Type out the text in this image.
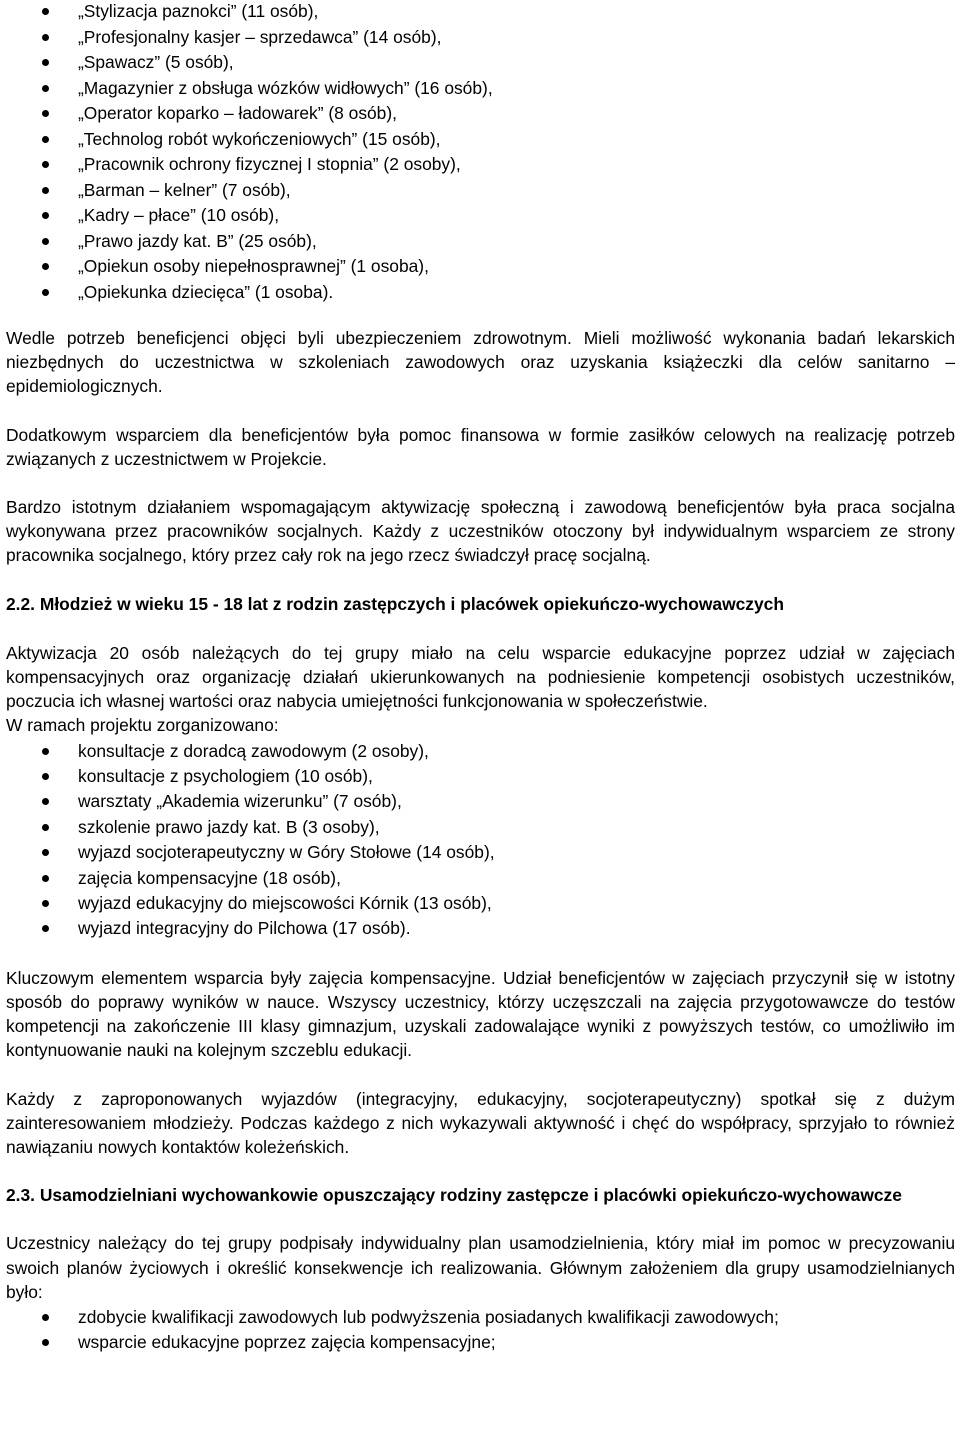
„Stylizacja paznokci” (11 osób),
„Profesjonalny kasjer – sprzedawca” (14 osób),
„Spawacz” (5 osób),
„Magazynier z obsługa wózków widłowych” (16 osób),
„Operator koparko – ładowarek” (8 osób),
„Technolog robót wykończeniowych” (15 osób),
„Pracownik ochrony fizycznej I stopnia” (2 osoby),
„Barman – kelner” (7 osób),
„Kadry – płace” (10 osób),
„Prawo jazdy kat. B” (25 osób),
„Opiekun osoby niepełnosprawnej” (1 osoba),
„Opiekunka dziecięca” (1 osoba).

Wedle potrzeb beneficjenci objęci byli ubezpieczeniem zdrowotnym. Mieli możliwość wykonania badań lekarskich niezbędnych do uczestnictwa w szkoleniach zawodowych oraz uzyskania książeczki dla celów sanitarno – epidemiologicznych.

Dodatkowym wsparciem dla beneficjentów była pomoc finansowa w formie zasiłków celowych na realizację potrzeb związanych z uczestnictwem w Projekcie.

Bardzo istotnym działaniem wspomagającym aktywizację społeczną i zawodową beneficjentów była praca socjalna wykonywana przez pracowników socjalnych. Każdy z uczestników otoczony był indywidualnym wsparciem ze strony pracownika socjalnego, który przez cały rok na jego rzecz świadczył pracę socjalną.

2.2. Młodzież w wieku 15 - 18 lat z rodzin zastępczych i placówek opiekuńczo-wychowawczych

Aktywizacja 20 osób należących do tej grupy miało na celu wsparcie edukacyjne poprzez udział w zajęciach kompensacyjnych oraz organizację działań ukierunkowanych na podniesienie kompetencji osobistych uczestników, poczucia ich własnej wartości oraz nabycia umiejętności funkcjonowania w społeczeństwie.

W ramach projektu zorganizowano:

konsultacje z doradcą zawodowym (2 osoby),
konsultacje z psychologiem (10 osób),
warsztaty „Akademia wizerunku” (7 osób),
szkolenie prawo jazdy kat. B (3 osoby),
wyjazd socjoterapeutyczny w Góry Stołowe (14 osób),
zajęcia kompensacyjne (18 osób),
wyjazd edukacyjny do miejscowości Kórnik (13 osób),
wyjazd integracyjny do Pilchowa (17 osób).

Kluczowym elementem wsparcia były zajęcia kompensacyjne. Udział beneficjentów w zajęciach przyczynił się w istotny sposób do poprawy wyników w nauce. Wszyscy uczestnicy, którzy uczęszczali na zajęcia przygotowawcze do testów kompetencji na zakończenie III klasy gimnazjum, uzyskali zadowalające wyniki z powyższych testów, co umożliwiło im kontynuowanie nauki na kolejnym szczeblu edukacji.

Każdy z zaproponowanych wyjazdów (integracyjny, edukacyjny, socjoterapeutyczny) spotkał się z dużym zainteresowaniem młodzieży. Podczas każdego z nich wykazywali aktywność i chęć do współpracy, sprzyjało to również nawiązaniu nowych kontaktów koleżeńskich.

2.3. Usamodzielniani wychowankowie opuszczający rodziny zastępcze i placówki opiekuńczo-wychowawcze

Uczestnicy należący do tej grupy podpisały indywidualny plan usamodzielnienia, który miał im pomoc w precyzowaniu swoich planów życiowych i określić konsekwencje ich realizowania. Głównym założeniem dla grupy usamodzielnianych było:

zdobycie kwalifikacji zawodowych lub podwyższenia posiadanych kwalifikacji zawodowych;
wsparcie edukacyjne poprzez zajęcia kompensacyjne;
